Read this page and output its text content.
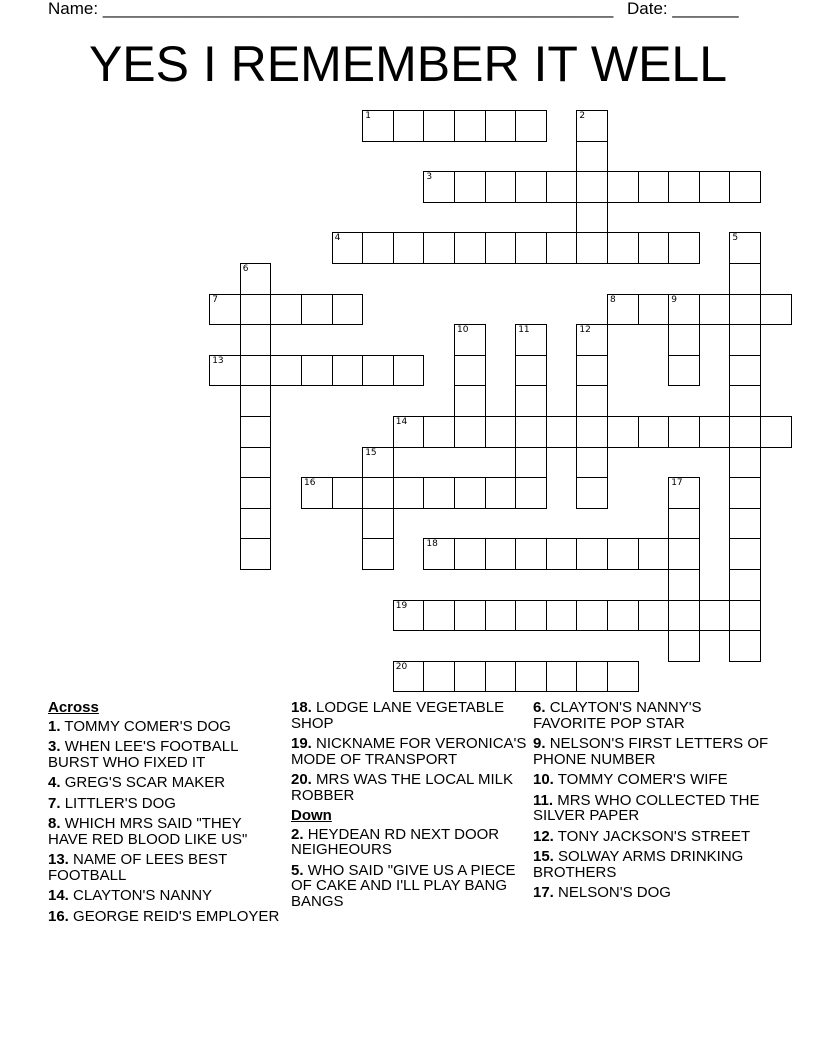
Name: ______________________________________________________ Date: _______
YES I REMEMBER IT WELL
1	2
3
4	5
6
7	8	9
10	11	12
13
14
15
16	17
18
19
20
Across
1. TOMMY COMER'S DOG
3. WHEN LEE'S FOOTBALL BURST WHO FIXED IT
4. GREG'S SCAR MAKER
7. LITTLER'S DOG
8. WHICH MRS SAID "THEY HAVE RED BLOOD LIKE US"
13. NAME OF LEES BEST FOOTBALL
14. CLAYTON'S NANNY
16. GEORGE REID'S EMPLOYER
18. LODGE LANE VEGETABLE SHOP
19. NICKNAME FOR VERONICA'S MODE OF TRANSPORT
20. MRS WAS THE LOCAL MILK ROBBER
Down
2. HEYDEAN RD NEXT DOOR NEIGHEOURS
5. WHO SAID "GIVE US A PIECE OF CAKE AND I'LL PLAY BANG BANGS
6. CLAYTON'S NANNY'S FAVORITE POP STAR
9. NELSON'S FIRST LETTERS OF PHONE NUMBER
10. TOMMY COMER'S WIFE
11. MRS WHO COLLECTED THE SILVER PAPER
12. TONY JACKSON'S STREET
15. SOLWAY ARMS DRINKING BROTHERS
17. NELSON'S DOG
